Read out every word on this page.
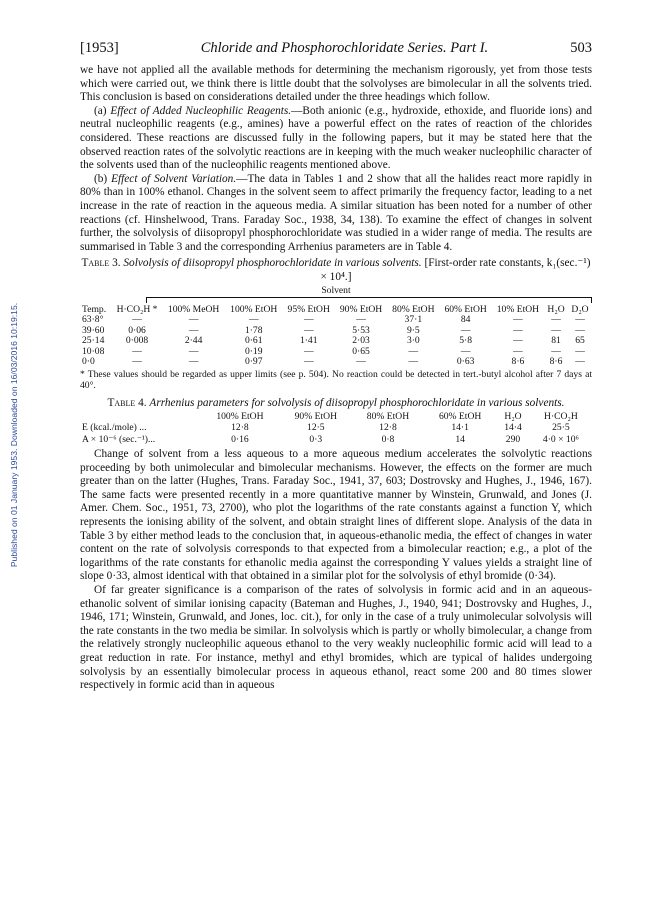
Published on 01 January 1953. Downloaded on 16/03/2016 10:19:15.
[1953]	Chloride and Phosphorochloridate Series. Part I.	503

we have not applied all the available methods for determining the mechanism rigorously, yet from those tests which were carried out, we think there is little doubt that the solvolyses are bimolecular in all the solvents tried. This conclusion is based on considerations detailed under the three headings which follow.

(a) Effect of Added Nucleophilic Reagents.—Both anionic (e.g., hydroxide, ethoxide, and fluoride ions) and neutral nucleophilic reagents (e.g., amines) have a powerful effect on the rates of reaction of the chlorides considered. These reactions are discussed fully in the following papers, but it may be stated here that the observed reaction rates of the solvolytic reactions are in keeping with the much weaker nucleophilic character of the solvents used than of the nucleophilic reagents mentioned above.

(b) Effect of Solvent Variation.—The data in Tables 1 and 2 show that all the halides react more rapidly in 80% than in 100% ethanol. Changes in the solvent seem to affect primarily the frequency factor, leading to a net increase in the rate of reaction in the aqueous media. A similar situation has been noted for a number of other reactions (cf. Hinshelwood, Trans. Faraday Soc., 1938, 34, 138). To examine the effect of changes in solvent further, the solvolysis of diisopropyl phosphorochloridate was studied in a wider range of media. The results are summarised in Table 3 and the corresponding Arrhenius parameters are in Table 4.

Table 3. Solvolysis of diisopropyl phosphorochloridate in various solvents. [First-order rate constants, k₁(sec.⁻¹) × 10⁴.]
Solvent
Temp.	H·CO₂H *	100% MeOH	100% EtOH	95% EtOH	90% EtOH	80% EtOH	60% EtOH	10% EtOH	H₂O	D₂O
63·8°	—	—	—	—	—	37·1	84	—	—	—
39·60	0·06	—	1·78	—	5·53	9·5	—	—	—	—
25·14	0·008	2·44	0·61	1·41	2·03	3·0	5·8	—	81	65
10·08	—	—	0·19	—	0·65	—	—	—	—	—
0·0	—	—	0·97	—	—	—	0·63	8·6	8·6	—
* These values should be regarded as upper limits (see p. 504). No reaction could be detected in tert.-butyl alcohol after 7 days at 40°.
Table 4. Arrhenius parameters for solvolysis of diisopropyl phosphorochloridate in various solvents.
	100% EtOH	90% EtOH	80% EtOH	60% EtOH	H₂O	H·CO₂H
E (kcal./mole) ...	12·8	12·5	12·8	14·1	14·4	25·5
A × 10⁻⁶ (sec.⁻¹)...	0·16	0·3	0·8	14	290	4·0 × 10⁶

Change of solvent from a less aqueous to a more aqueous medium accelerates the solvolytic reactions proceeding by both unimolecular and bimolecular mechanisms. However, the effects on the former are much greater than on the latter (Hughes, Trans. Faraday Soc., 1941, 37, 603; Dostrovsky and Hughes, J., 1946, 167). The same facts were presented recently in a more quantitative manner by Winstein, Grunwald, and Jones (J. Amer. Chem. Soc., 1951, 73, 2700), who plot the logarithms of the rate constants against a function Y, which represents the ionising ability of the solvent, and obtain straight lines of different slope. Analysis of the data in Table 3 by either method leads to the conclusion that, in aqueous-ethanolic media, the effect of changes in water content on the rate of solvolysis corresponds to that expected from a bimolecular reaction; e.g., a plot of the logarithms of the rate constants for ethanolic media against the corresponding Y values yields a straight line of slope 0·33, almost identical with that obtained in a similar plot for the solvolysis of ethyl bromide (0·34).

Of far greater significance is a comparison of the rates of solvolysis in formic acid and in an aqueous-ethanolic solvent of similar ionising capacity (Bateman and Hughes, J., 1940, 941; Dostrovsky and Hughes, J., 1946, 171; Winstein, Grunwald, and Jones, loc. cit.), for only in the case of a truly unimolecular solvolysis will the rate constants in the two media be similar. In solvolysis which is partly or wholly bimolecular, a change from the relatively strongly nucleophilic aqueous ethanol to the very weakly nucleophilic formic acid will lead to a great reduction in rate. For instance, methyl and ethyl bromides, which are typical of halides undergoing solvolysis by an essentially bimolecular process in aqueous ethanol, react some 200 and 80 times slower respectively in formic acid than in aqueous
